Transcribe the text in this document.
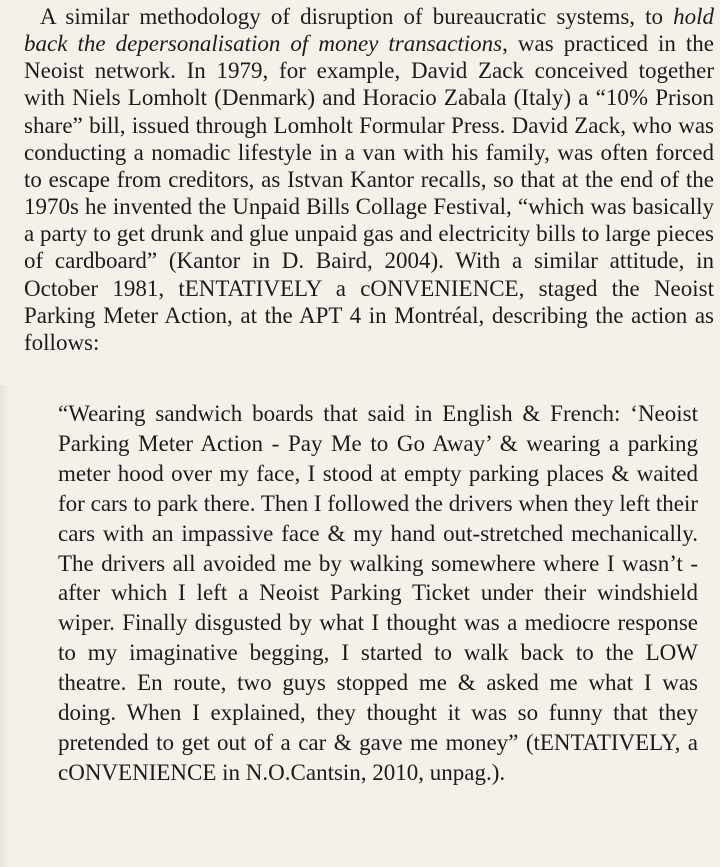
A similar methodology of disruption of bureaucratic systems, to hold back the depersonalisation of money transactions, was practiced in the Neoist network. In 1979, for example, David Zack conceived together with Niels Lomholt (Denmark) and Horacio Zabala (Italy) a “10% Prison share” bill, issued through Lomholt Formular Press. David Zack, who was conducting a nomadic lifestyle in a van with his family, was often forced to escape from creditors, as Istvan Kantor recalls, so that at the end of the 1970s he invented the Unpaid Bills Collage Festival, “which was basically a party to get drunk and glue unpaid gas and electricity bills to large pieces of cardboard” (Kantor in D. Baird, 2004). With a similar attitude, in October 1981, tENTATIVELY a cONVENIENCE, staged the Neoist Parking Meter Action, at the APT 4 in Montréal, describing the action as follows:

“Wearing sandwich boards that said in English & French: ‘Neoist Parking Meter Action - Pay Me to Go Away’ & wearing a parking meter hood over my face, I stood at empty parking places & waited for cars to park there. Then I followed the drivers when they left their cars with an impassive face & my hand out-stretched mechanically. The drivers all avoided me by walking somewhere where I wasn’t - after which I left a Neoist Parking Ticket under their windshield wiper. Finally disgusted by what I thought was a mediocre response to my imaginative begging, I started to walk back to the LOW theatre. En route, two guys stopped me & asked me what I was doing. When I explained, they thought it was so funny that they pretended to get out of a car & gave me money” (tENTATIVELY, a cONVENIENCE in N.O.Cantsin, 2010, unpag.).
